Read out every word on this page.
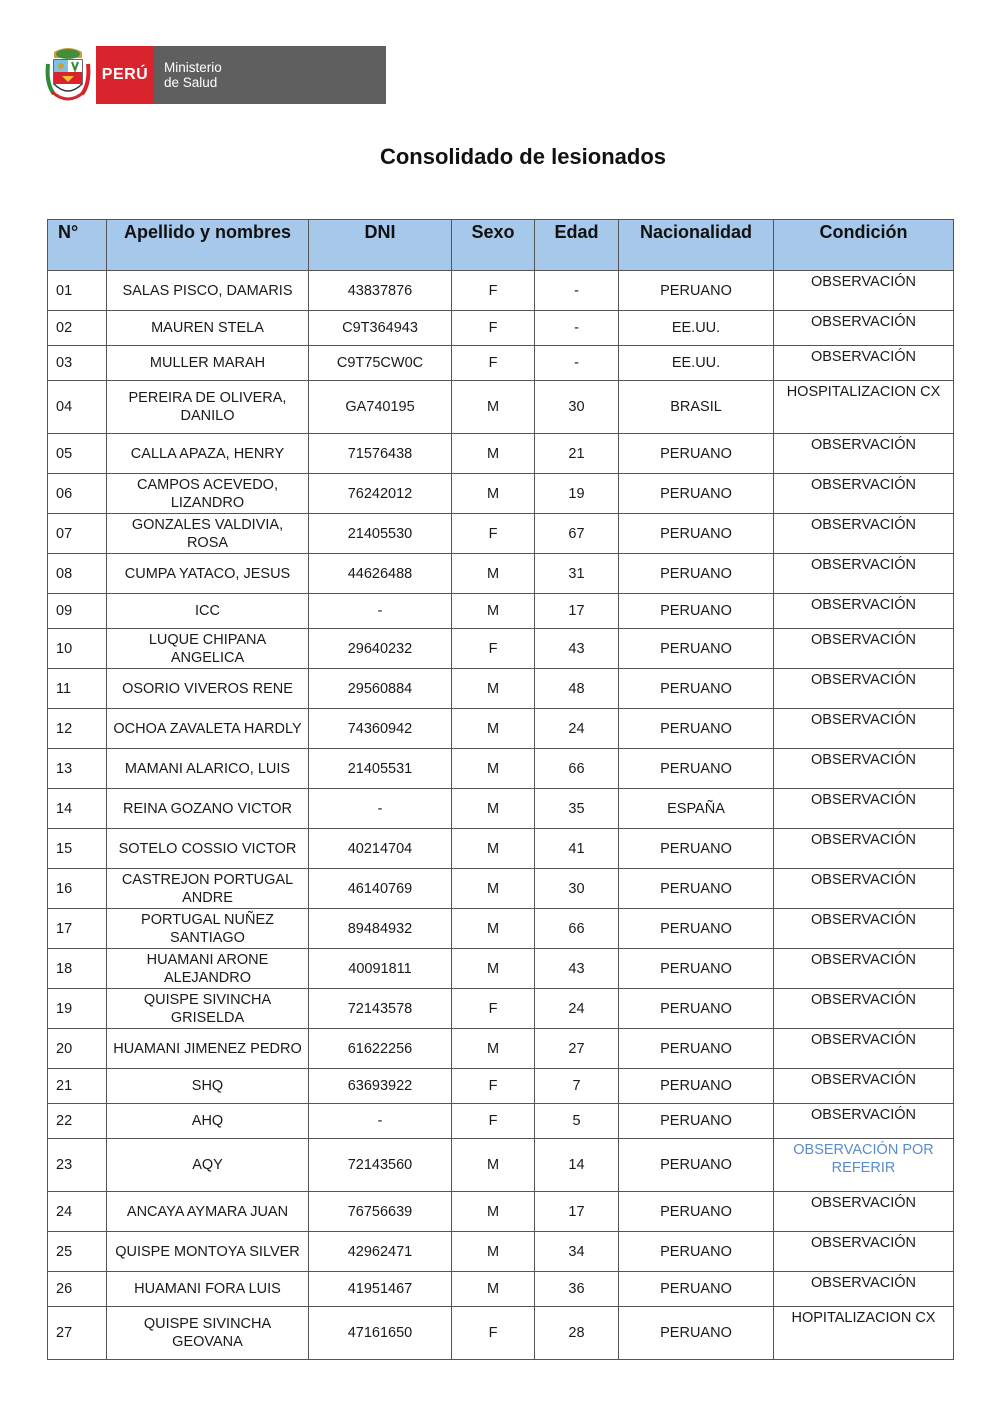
PERÚ Ministerio
de Salud
Consolidado de lesionados
N°	Apellido y nombres	DNI	Sexo	Edad	Nacionalidad	Condición
01	SALAS PISCO, DAMARIS	43837876	F	-	PERUANO	OBSERVACIÓN
02	MAUREN STELA	C9T364943	F	-	EE.UU.	OBSERVACIÓN
03	MULLER MARAH	C9T75CW0C	F	-	EE.UU.	OBSERVACIÓN
04	PEREIRA DE OLIVERA, DANILO	GA740195	M	30	BRASIL	HOSPITALIZACION CX
05	CALLA APAZA, HENRY	71576438	M	21	PERUANO	OBSERVACIÓN
06	CAMPOS ACEVEDO, LIZANDRO	76242012	M	19	PERUANO	OBSERVACIÓN
07	GONZALES VALDIVIA, ROSA	21405530	F	67	PERUANO	OBSERVACIÓN
08	CUMPA YATACO, JESUS	44626488	M	31	PERUANO	OBSERVACIÓN
09	ICC	-	M	17	PERUANO	OBSERVACIÓN
10	LUQUE CHIPANA ANGELICA	29640232	F	43	PERUANO	OBSERVACIÓN
11	OSORIO VIVEROS RENE	29560884	M	48	PERUANO	OBSERVACIÓN
12	OCHOA ZAVALETA HARDLY	74360942	M	24	PERUANO	OBSERVACIÓN
13	MAMANI ALARICO, LUIS	21405531	M	66	PERUANO	OBSERVACIÓN
14	REINA GOZANO VICTOR	-	M	35	ESPAÑA	OBSERVACIÓN
15	SOTELO COSSIO VICTOR	40214704	M	41	PERUANO	OBSERVACIÓN
16	CASTREJON PORTUGAL ANDRE	46140769	M	30	PERUANO	OBSERVACIÓN
17	PORTUGAL NUÑEZ SANTIAGO	89484932	M	66	PERUANO	OBSERVACIÓN
18	HUAMANI ARONE ALEJANDRO	40091811	M	43	PERUANO	OBSERVACIÓN
19	QUISPE SIVINCHA GRISELDA	72143578	F	24	PERUANO	OBSERVACIÓN
20	HUAMANI JIMENEZ PEDRO	61622256	M	27	PERUANO	OBSERVACIÓN
21	SHQ	63693922	F	7	PERUANO	OBSERVACIÓN
22	AHQ	-	F	5	PERUANO	OBSERVACIÓN
23	AQY	72143560	M	14	PERUANO	OBSERVACIÓN POR REFERIR
24	ANCAYA AYMARA JUAN	76756639	M	17	PERUANO	OBSERVACIÓN
25	QUISPE MONTOYA SILVER	42962471	M	34	PERUANO	OBSERVACIÓN
26	HUAMANI FORA LUIS	41951467	M	36	PERUANO	OBSERVACIÓN
27	QUISPE SIVINCHA GEOVANA	47161650	F	28	PERUANO	HOPITALIZACION CX
